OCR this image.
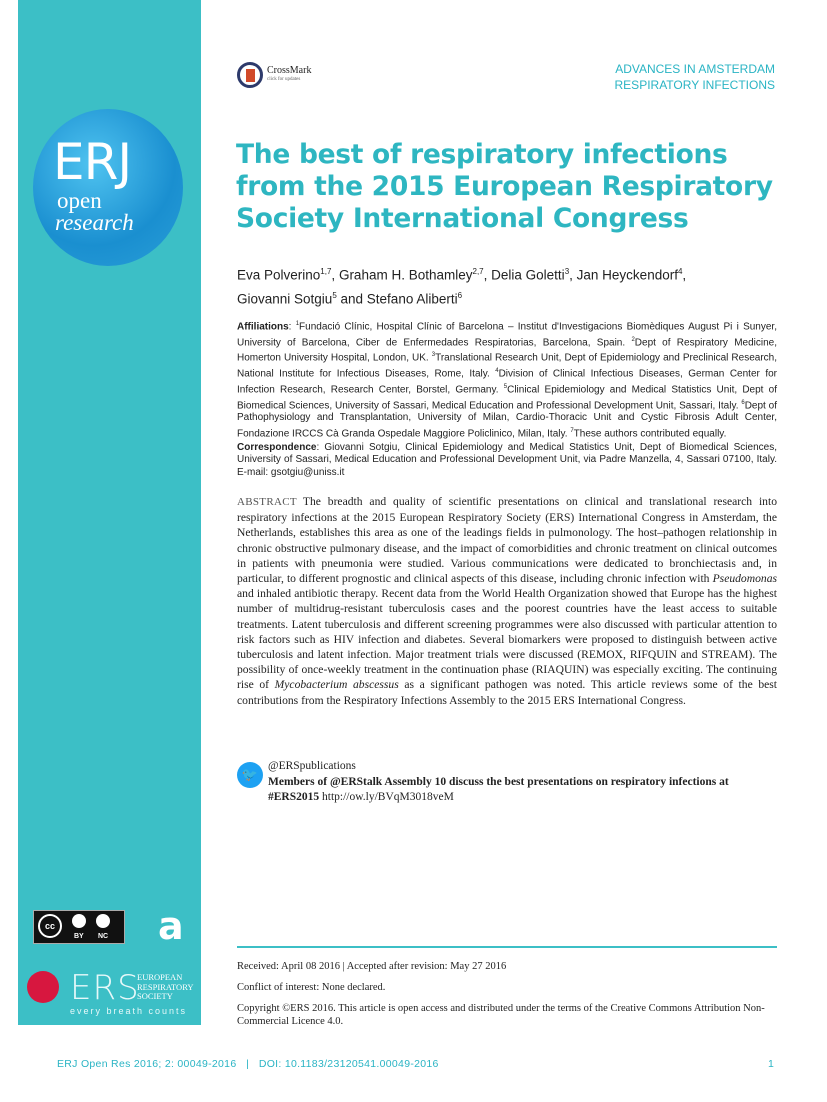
ERJ
open
research
cc
BY NC a
ERS
EUROPEAN
RESPIRATORY
SOCIETY
every breath counts
CrossMark
click for updates
ADVANCES IN AMSTERDAM
RESPIRATORY INFECTIONS
The best of respiratory infections from the 2015 European Respiratory Society International Congress
Eva Polverino$^{1,7}$, Graham H. Bothamley$^{2,7}$, Delia Goletti$^3$, Jan Heyckendorf$^4$,
Giovanni Sotgiu$^5$ and Stefano Aliberti$^6$
Affiliations: $^1$Fundació Clínic, Hospital Clínic of Barcelona – Institut d'Investigacions Biomèdiques August Pi i Sunyer, University of Barcelona, Ciber de Enfermedades Respiratorias, Barcelona, Spain. $^2$Dept of Respiratory Medicine, Homerton University Hospital, London, UK. $^3$Translational Research Unit, Dept of Epidemiology and Preclinical Research, National Institute for Infectious Diseases, Rome, Italy. $^4$Division of Clinical Infectious Diseases, German Center for Infection Research, Research Center, Borstel, Germany. $^5$Clinical Epidemiology and Medical Statistics Unit, Dept of Biomedical Sciences, University of Sassari, Medical Education and Professional Development Unit, Sassari, Italy. $^6$Dept of Pathophysiology and Transplantation, University of Milan, Cardio-Thoracic Unit and Cystic Fibrosis Adult Center, Fondazione IRCCS Cà Granda Ospedale Maggiore Policlinico, Milan, Italy. $^7$These authors contributed equally.
Correspondence: Giovanni Sotgiu, Clinical Epidemiology and Medical Statistics Unit, Dept of Biomedical Sciences, University of Sassari, Medical Education and Professional Development Unit, via Padre Manzella, 4, Sassari 07100, Italy. E-mail: gsotgiu@uniss.it
ABSTRACT The breadth and quality of scientific presentations on clinical and translational research into respiratory infections at the 2015 European Respiratory Society (ERS) International Congress in Amsterdam, the Netherlands, establishes this area as one of the leadings fields in pulmonology. The host–pathogen relationship in chronic obstructive pulmonary disease, and the impact of comorbidities and chronic treatment on clinical outcomes in patients with pneumonia were studied. Various communications were dedicated to bronchiectasis and, in particular, to different prognostic and clinical aspects of this disease, including chronic infection with Pseudomonas and inhaled antibiotic therapy. Recent data from the World Health Organization showed that Europe has the highest number of multidrug-resistant tuberculosis cases and the poorest countries have the least access to suitable treatments. Latent tuberculosis and different screening programmes were also discussed with particular attention to risk factors such as HIV infection and diabetes. Several biomarkers were proposed to distinguish between active tuberculosis and latent infection. Major treatment trials were discussed (REMOX, RIFQUIN and STREAM). The possibility of once-weekly treatment in the continuation phase (RIAQUIN) was especially exciting. The continuing rise of Mycobacterium abscessus as a significant pathogen was noted. This article reviews some of the best contributions from the Respiratory Infections Assembly to the 2015 ERS International Congress.
🐦
@ERSpublications
Members of @ERStalk Assembly 10 discuss the best presentations on respiratory infections at #ERS2015 http://ow.ly/BVqM3018veM
Received: April 08 2016 | Accepted after revision: May 27 2016
Conflict of interest: None declared.
Copyright ©ERS 2016. This article is open access and distributed under the terms of the Creative Commons Attribution Non-Commercial Licence 4.0.
ERJ Open Res 2016; 2: 00049-2016 | DOI: 10.1183/23120541.00049-2016	1
